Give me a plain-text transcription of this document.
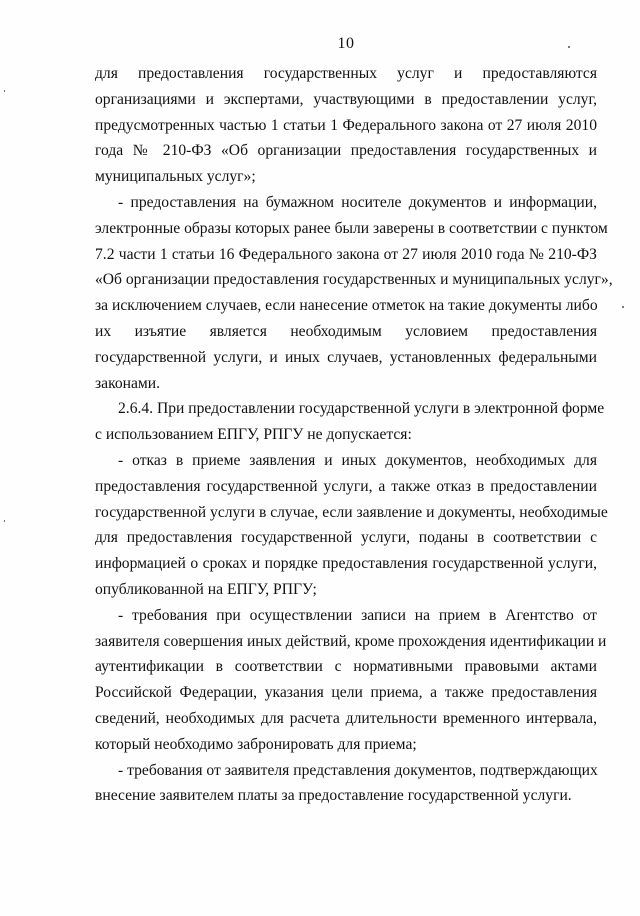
10
для предоставления государственных услуг и предоставляются
организациями и экспертами, участвующими в предоставлении услуг,
предусмотренных частью 1 статьи 1 Федерального закона от 27 июля 2010
года № 210-ФЗ «Об организации предоставления государственных и
муниципальных услуг»;
- предоставления на бумажном носителе документов и информации,
электронные образы которых ранее были заверены в соответствии с пунктом
7.2 части 1 статьи 16 Федерального закона от 27 июля 2010 года № 210-ФЗ
«Об организации предоставления государственных и муниципальных услуг»,
за исключением случаев, если нанесение отметок на такие документы либо
их изъятие является необходимым условием предоставления
государственной услуги, и иных случаев, установленных федеральными
законами.
2.6.4. При предоставлении государственной услуги в электронной форме
с использованием ЕПГУ, РПГУ не допускается:
- отказ в приеме заявления и иных документов, необходимых для
предоставления государственной услуги, а также отказ в предоставлении
государственной услуги в случае, если заявление и документы, необходимые
для предоставления государственной услуги, поданы в соответствии с
информацией о сроках и порядке предоставления государственной услуги,
опубликованной на ЕПГУ, РПГУ;
- требования при осуществлении записи на прием в Агентство от
заявителя совершения иных действий, кроме прохождения идентификации и
аутентификации в соответствии с нормативными правовыми актами
Российской Федерации, указания цели приема, а также предоставления
сведений, необходимых для расчета длительности временного интервала,
который необходимо забронировать для приема;
- требования от заявителя представления документов, подтверждающих
внесение заявителем платы за предоставление государственной услуги.
